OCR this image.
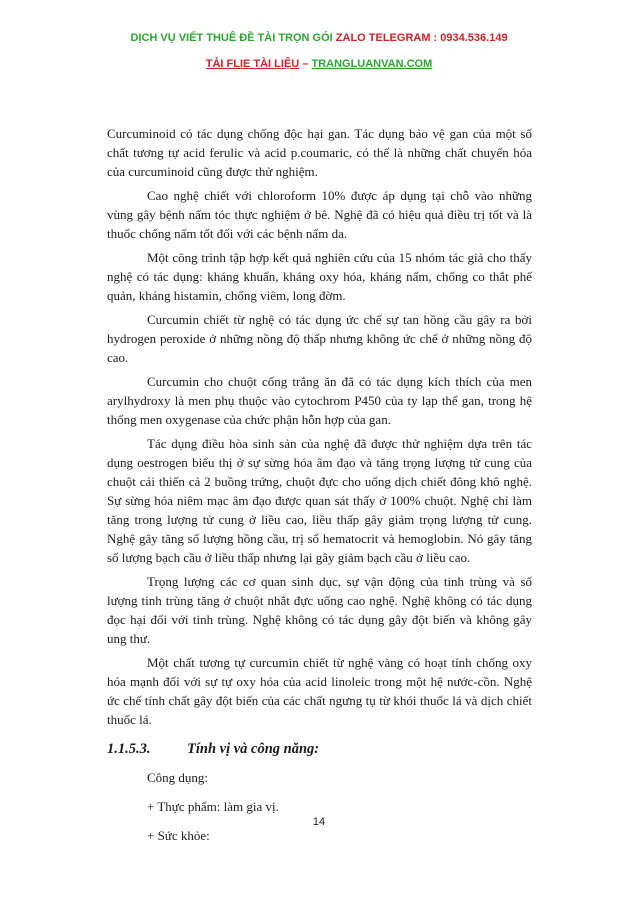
DỊCH VỤ VIẾT THUÊ ĐỀ TÀI TRỌN GÓI ZALO TELEGRAM : 0934.536.149
TẢI FLIE TÀI LIỆU – TRANGLUANVAN.COM

Curcuminoid có tác dụng chống độc hại gan. Tác dụng bảo vệ gan của một số chất tương tự acid ferulic và acid p.coumaric, có thể là những chất chuyển hóa của curcuminoid cũng được thử nghiệm.

Cao nghệ chiết với chloroform 10% được áp dụng tại chỗ vào những vùng gây bệnh nấm tóc thực nghiệm ở bê. Nghệ đã có hiệu quả điều trị tốt và là thuốc chống nấm tốt đối với các bệnh nấm da.

Một công trình tập hợp kết quả nghiên cứu của 15 nhóm tác giả cho thấy nghệ có tác dụng: kháng khuẩn, kháng oxy hóa, kháng nấm, chống co thắt phế quản, kháng histamin, chống viêm, long đờm.

Curcumin chiết từ nghệ có tác dụng ức chế sự tan hồng cầu gây ra bởi hydrogen peroxide ở những nồng độ thấp nhưng không ức chế ở những nồng độ cao.

Curcumin cho chuột cống trắng ăn đã có tác dụng kích thích của men arylhydroxy là men phụ thuộc vào cytochrom P450 của ty lạp thể gan, trong hệ thống men oxygenase của chức phận hỗn hợp của gan.

Tác dụng điều hòa sinh sản của nghệ đã được thử nghiệm dựa trên tác dụng oestrogen biểu thị ở sự sừng hóa âm đạo và tăng trọng lượng tử cung của chuột cái thiến cả 2 buồng trứng, chuột đực cho uống dịch chiết đông khô nghệ. Sự sừng hóa niêm mạc âm đạo được quan sát thấy ở 100% chuột. Nghệ chỉ làm tăng trong lượng tử cung ở liều cao, liều thấp gây giảm trọng lượng tử cung. Nghệ gây tăng số lượng hồng cầu, trị số hematocrit và hemoglobin. Nó gây tăng số lượng bạch cầu ở liều thấp nhưng lại gây giảm bạch cầu ở liều cao.

Trọng lượng các cơ quan sinh dục, sự vận động của tinh trùng và số lượng tinh trùng tăng ở chuột nhắt đực uống cao nghệ. Nghệ không có tác dụng đọc hại đối với tinh trùng. Nghệ không có tác dụng gây đột biến và không gây ung thư.

Một chất tương tự curcumin chiết từ nghệ vàng có hoạt tính chống oxy hóa mạnh đối với sự tự oxy hóa của acid linoleic trong một hệ nước-cồn. Nghệ ức chế tính chất gây đột biến của các chất ngưng tụ từ khói thuốc lá và dịch chiết thuốc lá.

1.1.5.3.	Tính vị và công năng:

Công dụng:

+ Thực phẩm: làm gia vị.

+ Sức khỏe:

14
